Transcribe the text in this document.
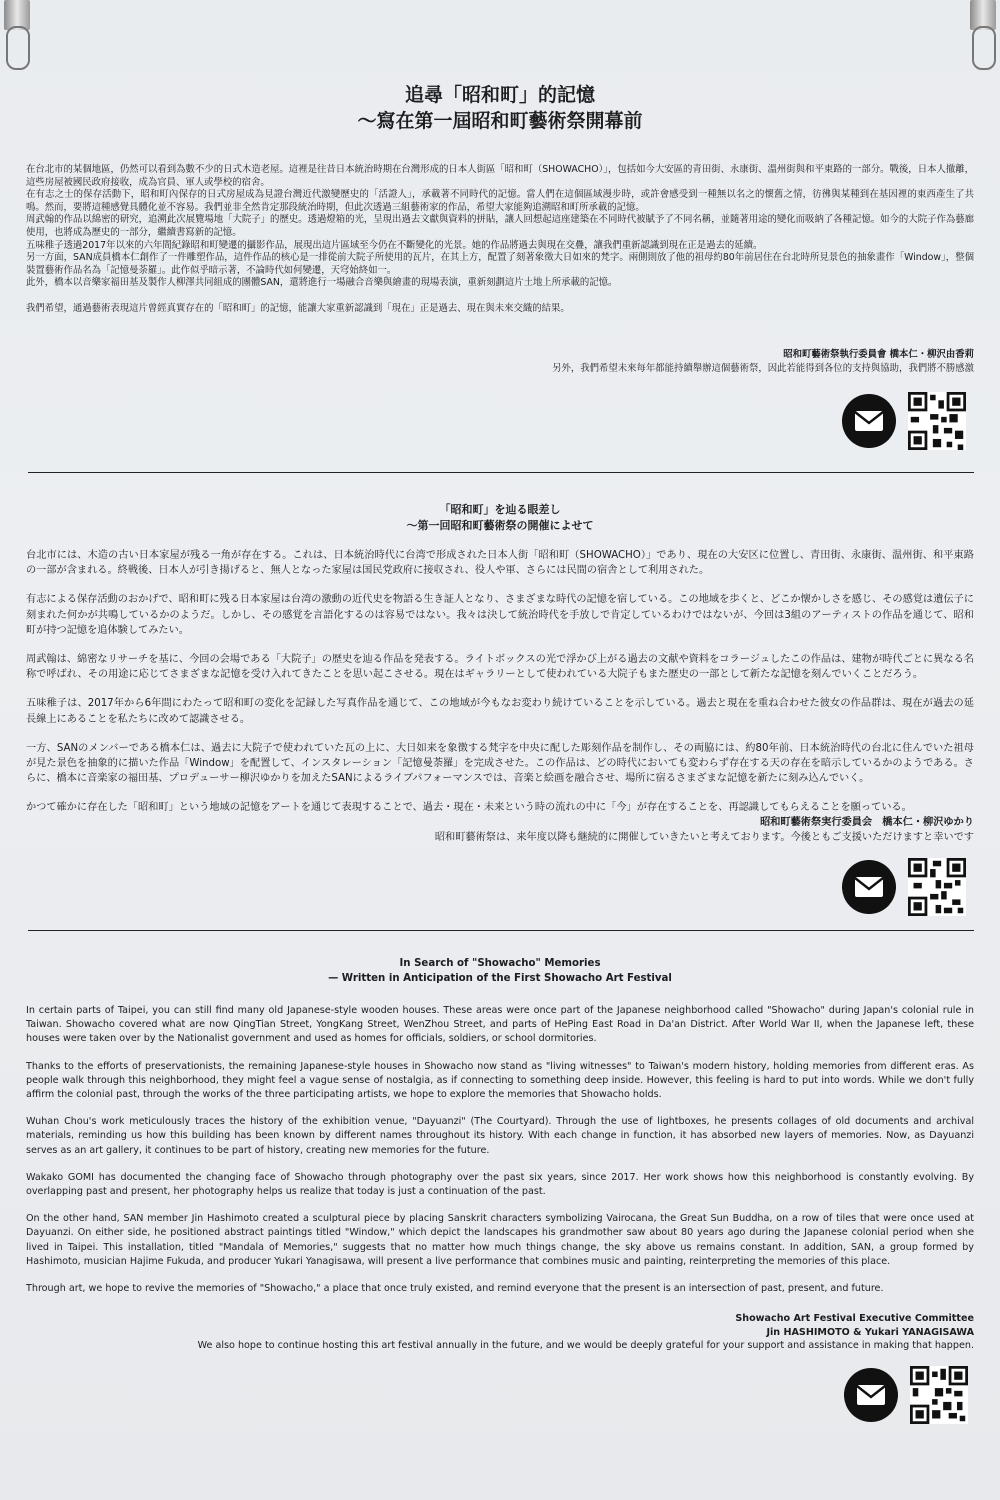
追尋「昭和町」的記憶
～寫在第一屆昭和町藝術祭開幕前

在台北市的某個地區，仍然可以看到為數不少的日式木造老屋。這裡是往昔日本統治時期在台灣形成的日本人街區「昭和町（SHOWACHO）」，包括如今大安區的青田街、永康街、溫州街與和平東路的一部分。戰後，日本人撤離，這些房屋被國民政府接收，成為官員、軍人或學校的宿舍。

在有志之士的保存活動下，昭和町內保存的日式房屋成為見證台灣近代激變歷史的「活證人」，承載著不同時代的記憶。當人們在這個區域漫步時，或許會感受到一種無以名之的懷舊之情，彷彿與某種到在基因裡的東西產生了共鳴。然而，要將這種感覺具體化並不容易。我們並非全然肯定那段統治時期，但此次透過三組藝術家的作品，希望大家能夠追溯昭和町所承載的記憶。

周武翰的作品以綿密的研究，追溯此次展覽場地「大院子」的歷史。透過燈箱的光，呈現出過去文獻與資料的拼貼，讓人回想起這座建築在不同時代被賦予了不同名稱，並隨著用途的變化而吸納了各種記憶。如今的大院子作為藝廊使用，也將成為歷史的一部分，繼續書寫新的記憶。

五味稚子透過2017年以來的六年間紀錄昭和町變遷的攝影作品，展現出這片區域至今仍在不斷變化的光景。她的作品將過去與現在交疊，讓我們重新認識到現在正是過去的延續。

另一方面，SAN成員橋本仁創作了一件雕塑作品，這件作品的核心是一排從前大院子所使用的瓦片，在其上方，配置了刻著象徵大日如來的梵字。兩側則放了他的祖母約80年前居住在台北時所見景色的抽象畫作「Window」，整個裝置藝術作品名為「記憶曼荼羅」。此作似乎暗示著，不論時代如何變遷，天穹始終如一。

此外，橋本以音樂家福田基及製作人柳澤共同組成的團體SAN，還將進行一場融合音樂與繪畫的現場表演，重新刻劃這片土地上所承載的記憶。

我們希望，通過藝術表現這片曾經真實存在的「昭和町」的記憶，能讓大家重新認識到「現在」正是過去、現在與未來交織的結果。

昭和町藝術祭執行委員會 橋本仁・柳沢由香莉

另外，我們希望未來每年都能持續舉辦這個藝術祭，因此若能得到各位的支持與協助，我們將不勝感激

「昭和町」を辿る眼差し
～第一回昭和町藝術祭の開催によせて

台北市には、木造の古い日本家屋が残る一角が存在する。これは、日本統治時代に台湾で形成された日本人街「昭和町（SHOWACHO）」であり、現在の大安区に位置し、青田街、永康街、温州街、和平東路の一部が含まれる。終戦後、日本人が引き揚げると、無人となった家屋は国民党政府に接収され、役人や軍、さらには民間の宿舎として利用された。

有志による保存活動のおかげで、昭和町に残る日本家屋は台湾の激動の近代史を物語る生き証人となり、さまざまな時代の記憶を宿している。この地域を歩くと、どこか懐かしさを感じ、その感覚は遺伝子に刻まれた何かが共鳴しているかのようだ。しかし、その感覚を言語化するのは容易ではない。我々は決して統治時代を手放しで肯定しているわけではないが、今回は3組のアーティストの作品を通じて、昭和町が持つ記憶を追体験してみたい。

周武翰は、綿密なリサーチを基に、今回の会場である「大院子」の歴史を辿る作品を発表する。ライトボックスの光で浮かび上がる過去の文献や資料をコラージュしたこの作品は、建物が時代ごとに異なる名称で呼ばれ、その用途に応じてさまざまな記憶を受け入れてきたことを思い起こさせる。現在はギャラリーとして使われている大院子もまた歴史の一部として新たな記憶を刻んでいくことだろう。

五味稚子は、2017年から6年間にわたって昭和町の変化を記録した写真作品を通じて、この地域が今もなお変わり続けていることを示している。過去と現在を重ね合わせた彼女の作品群は、現在が過去の延長線上にあることを私たちに改めて認識させる。

一方、SANのメンバーである橋本仁は、過去に大院子で使われていた瓦の上に、大日如来を象徴する梵字を中央に配した彫刻作品を制作し、その両脇には、約80年前、日本統治時代の台北に住んでいた祖母が見た景色を抽象的に描いた作品「Window」を配置して、インスタレーション「記憶曼荼羅」を完成させた。この作品は、どの時代においても変わらず存在する天の存在を暗示しているかのようである。さらに、橋本に音楽家の福田基、プロデューサー柳沢ゆかりを加えたSANによるライブパフォーマンスでは、音楽と絵画を融合させ、場所に宿るさまざまな記憶を新たに刻み込んでいく。

かつて確かに存在した「昭和町」という地域の記憶をアートを通じて表現することで、過去・現在・未来という時の流れの中に「今」が存在することを、再認識してもらえることを願っている。

昭和町藝術祭実行委員会　橋本仁・柳沢ゆかり

昭和町藝術祭は、来年度以降も継続的に開催していきたいと考えております。今後ともご支援いただけますと幸いです

In Search of "Showacho" Memories
— Written in Anticipation of the First Showacho Art Festival

In certain parts of Taipei, you can still find many old Japanese-style wooden houses. These areas were once part of the Japanese neighborhood called "Showacho" during Japan's colonial rule in Taiwan. Showacho covered what are now QingTian Street, YongKang Street, WenZhou Street, and parts of HePing East Road in Da'an District. After World War II, when the Japanese left, these houses were taken over by the Nationalist government and used as homes for officials, soldiers, or school dormitories.

Thanks to the efforts of preservationists, the remaining Japanese-style houses in Showacho now stand as "living witnesses" to Taiwan's modern history, holding memories from different eras. As people walk through this neighborhood, they might feel a vague sense of nostalgia, as if connecting to something deep inside. However, this feeling is hard to put into words. While we don't fully affirm the colonial past, through the works of the three participating artists, we hope to explore the memories that Showacho holds.

Wuhan Chou's work meticulously traces the history of the exhibition venue, "Dayuanzi" (The Courtyard). Through the use of lightboxes, he presents collages of old documents and archival materials, reminding us how this building has been known by different names throughout its history. With each change in function, it has absorbed new layers of memories. Now, as Dayuanzi serves as an art gallery, it continues to be part of history, creating new memories for the future.

Wakako GOMI has documented the changing face of Showacho through photography over the past six years, since 2017. Her work shows how this neighborhood is constantly evolving. By overlapping past and present, her photography helps us realize that today is just a continuation of the past.

On the other hand, SAN member Jin Hashimoto created a sculptural piece by placing Sanskrit characters symbolizing Vairocana, the Great Sun Buddha, on a row of tiles that were once used at Dayuanzi. On either side, he positioned abstract paintings titled "Window," which depict the landscapes his grandmother saw about 80 years ago during the Japanese colonial period when she lived in Taipei. This installation, titled "Mandala of Memories," suggests that no matter how much things change, the sky above us remains constant. In addition, SAN, a group formed by Hashimoto, musician Hajime Fukuda, and producer Yukari Yanagisawa, will present a live performance that combines music and painting, reinterpreting the memories of this place.

Through art, we hope to revive the memories of "Showacho," a place that once truly existed, and remind everyone that the present is an intersection of past, present, and future.

Showacho Art Festival Executive Committee

Jin HASHIMOTO & Yukari YANAGISAWA

We also hope to continue hosting this art festival annually in the future, and we would be deeply grateful for your support and assistance in making that happen.
